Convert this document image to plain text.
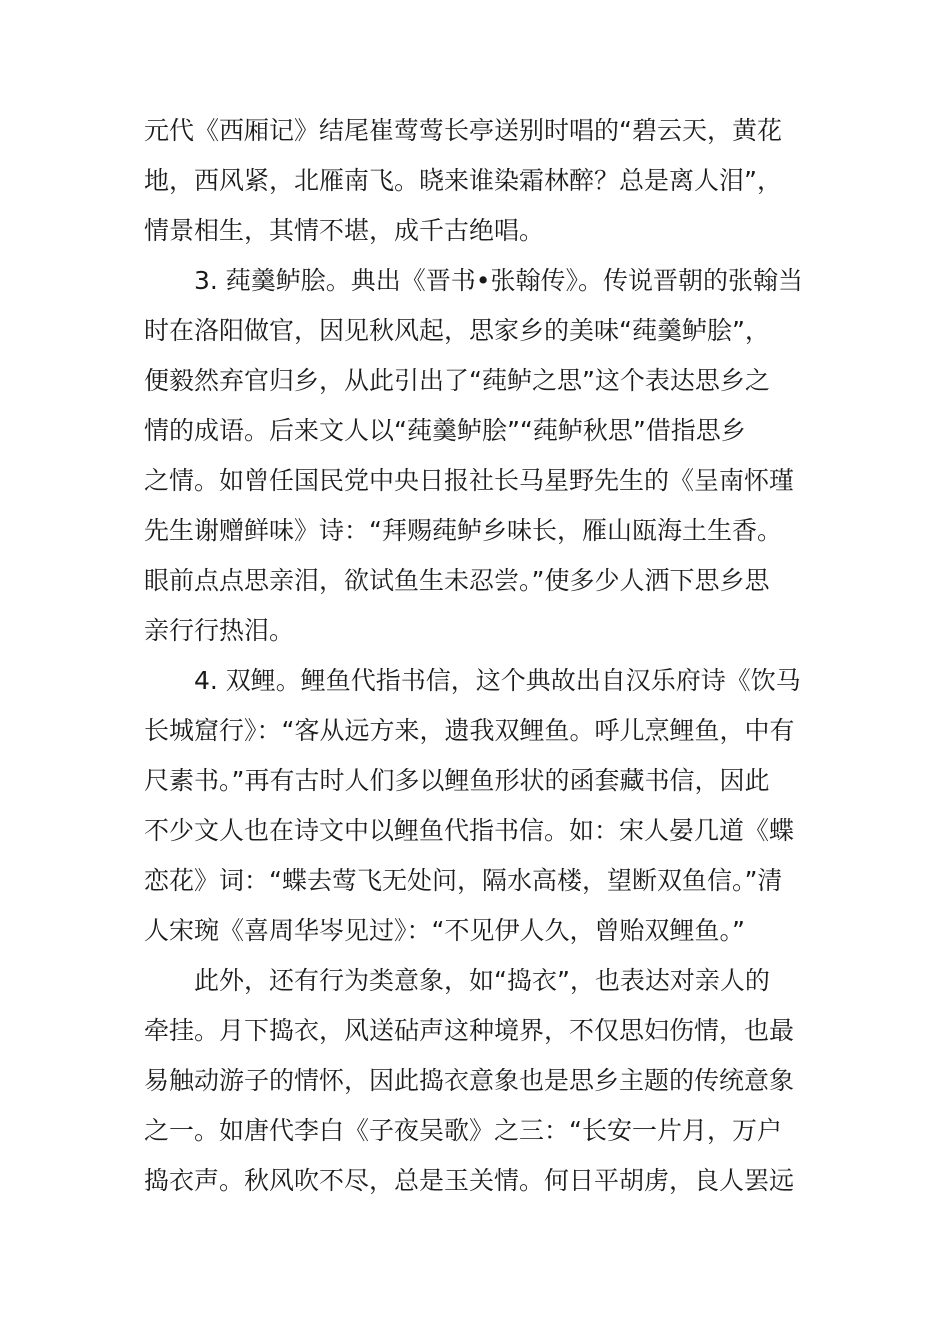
元代《西厢记》结尾崔莺莺长亭送别时唱的“碧云天，黄花
地，西风紧，北雁南飞。晓来谁染霜林醉？总是离人泪”，
情景相生，其情不堪，成千古绝唱。
3. 莼羹鲈脍。典出《晋书•张翰传》。传说晋朝的张翰当
时在洛阳做官，因见秋风起，思家乡的美味“莼羹鲈脍”，
便毅然弃官归乡，从此引出了“莼鲈之思”这个表达思乡之
情的成语。后来文人以“莼羹鲈脍”“莼鲈秋思”借指思乡
之情。如曾任国民党中央日报社长马星野先生的《呈南怀瑾
先生谢赠鲜味》诗：“拜赐莼鲈乡味长，雁山瓯海土生香。
眼前点点思亲泪，欲试鱼生未忍尝。”使多少人洒下思乡思
亲行行热泪。
4. 双鲤。鲤鱼代指书信，这个典故出自汉乐府诗《饮马
长城窟行》：“客从远方来，遗我双鲤鱼。呼儿烹鲤鱼，中有
尺素书。”再有古时人们多以鲤鱼形状的函套藏书信，因此
不少文人也在诗文中以鲤鱼代指书信。如：宋人晏几道《蝶
恋花》词：“蝶去莺飞无处问，隔水高楼，望断双鱼信。”清
人宋琬《喜周华岑见过》：“不见伊人久，曾贻双鲤鱼。”
此外，还有行为类意象，如“捣衣”，也表达对亲人的
牵挂。月下捣衣，风送砧声这种境界，不仅思妇伤情，也最
易触动游子的情怀，因此捣衣意象也是思乡主题的传统意象
之一。如唐代李白《子夜吴歌》之三：“长安一片月，万户
捣衣声。秋风吹不尽，总是玉关情。何日平胡虏，良人罢远
